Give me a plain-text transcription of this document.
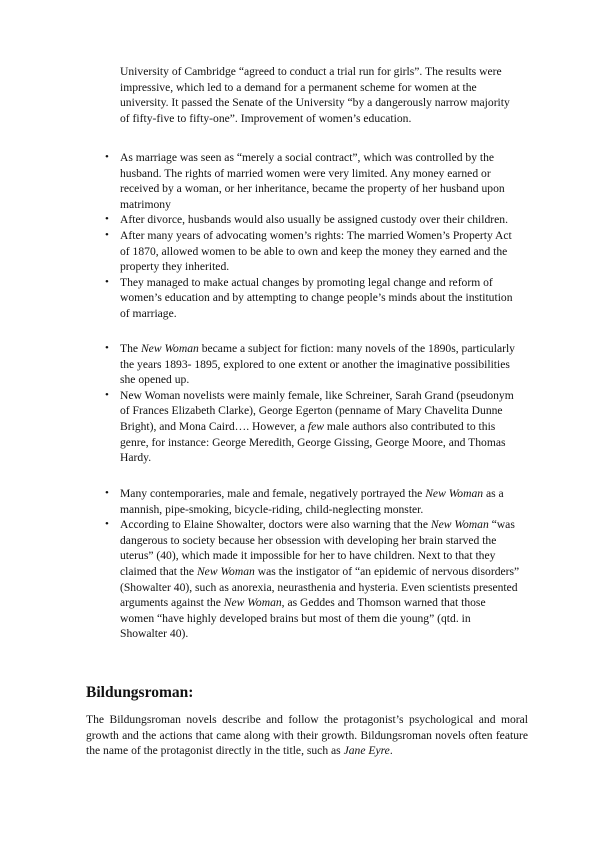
University of Cambridge “agreed to conduct a trial run for girls”. The results were impressive, which led to a demand for a permanent scheme for women at the university. It passed the Senate of the University “by a dangerously narrow majority of fifty-five to fifty-one”. Improvement of women’s education.

• As marriage was seen as “merely a social contract”, which was controlled by the husband. The rights of married women were very limited. Any money earned or received by a woman, or her inheritance, became the property of her husband upon matrimony
• After divorce, husbands would also usually be assigned custody over their children.
• After many years of advocating women’s rights: The married Women’s Property Act of 1870, allowed women to be able to own and keep the money they earned and the property they inherited.
• They managed to make actual changes by promoting legal change and reform of women’s education and by attempting to change people’s minds about the institution of marriage.
• The New Woman became a subject for fiction: many novels of the 1890s, particularly the years 1893- 1895, explored to one extent or another the imaginative possibilities she opened up.
• New Woman novelists were mainly female, like Schreiner, Sarah Grand (pseudonym of Frances Elizabeth Clarke), George Egerton (penname of Mary Chavelita Dunne Bright), and Mona Caird…. However, a few male authors also contributed to this genre, for instance: George Meredith, George Gissing, George Moore, and Thomas Hardy.
• Many contemporaries, male and female, negatively portrayed the New Woman as a mannish, pipe-smoking, bicycle-riding, child-neglecting monster.
• According to Elaine Showalter, doctors were also warning that the New Woman “was dangerous to society because her obsession with developing her brain starved the uterus” (40), which made it impossible for her to have children. Next to that they claimed that the New Woman was the instigator of “an epidemic of nervous disorders” (Showalter 40), such as anorexia, neurasthenia and hysteria. Even scientists presented arguments against the New Woman, as Geddes and Thomson warned that those women “have highly developed brains but most of them die young” (qtd. in Showalter 40).
Bildungsroman:

The Bildungsroman novels describe and follow the protagonist’s psychological and moral growth and the actions that came along with their growth. Bildungsroman novels often feature the name of the protagonist directly in the title, such as Jane Eyre.
